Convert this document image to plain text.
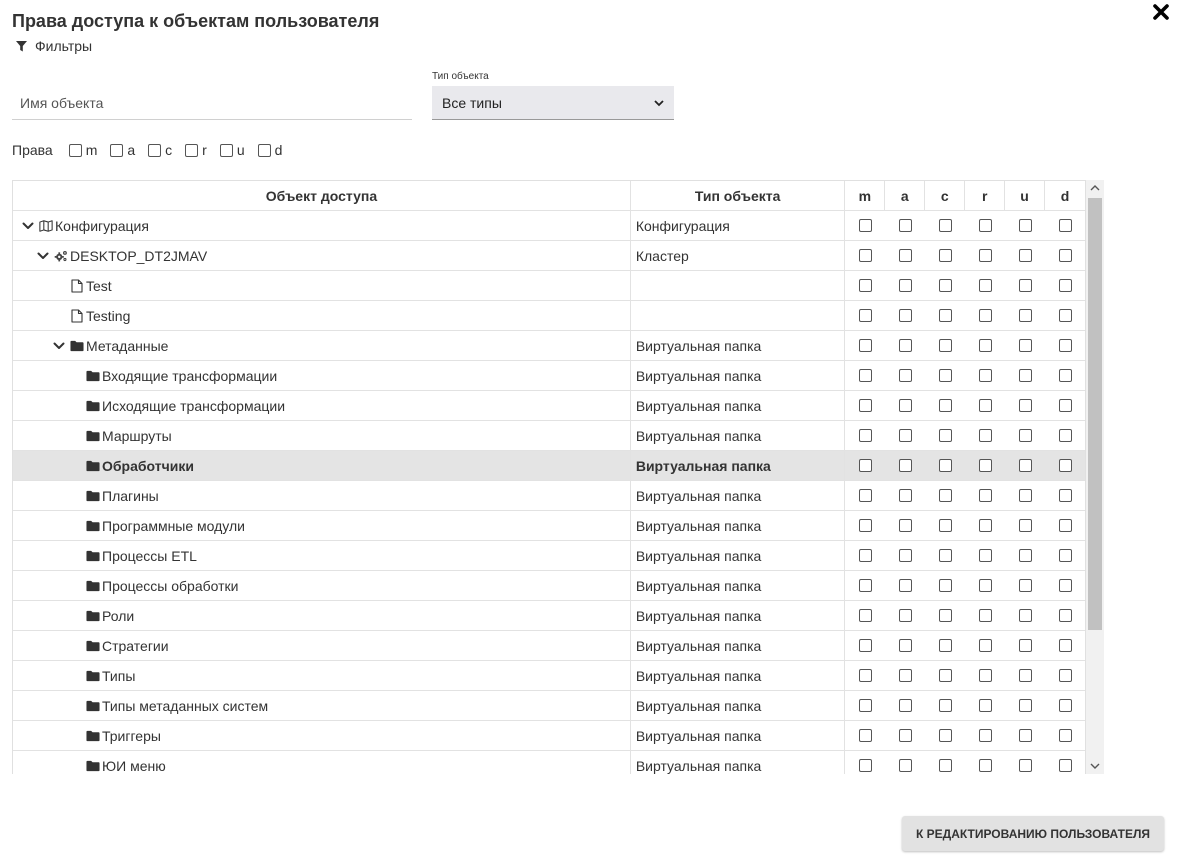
Права доступа к объектам пользователя
Фильтры
Имя объекта
Тип объекта
Все типы
Права m a c r u d
Объект доступа	Тип объекта	m	a	c	r	u	d
Конфигурация	Конфигурация
DESKTOP_DT2JMAV	Кластер
Test
Testing
Метаданные	Виртуальная папка
Входящие трансформации	Виртуальная папка
Исходящие трансформации	Виртуальная папка
Маршруты	Виртуальная папка
Обработчики	Виртуальная папка
Плагины	Виртуальная папка
Программные модули	Виртуальная папка
Процессы ETL	Виртуальная папка
Процессы обработки	Виртуальная папка
Роли	Виртуальная папка
Стратегии	Виртуальная папка
Типы	Виртуальная папка
Типы метаданных систем	Виртуальная папка
Триггеры	Виртуальная папка
ЮИ меню	Виртуальная папка
К РЕДАКТИРОВАНИЮ ПОЛЬЗОВАТЕЛЯ
